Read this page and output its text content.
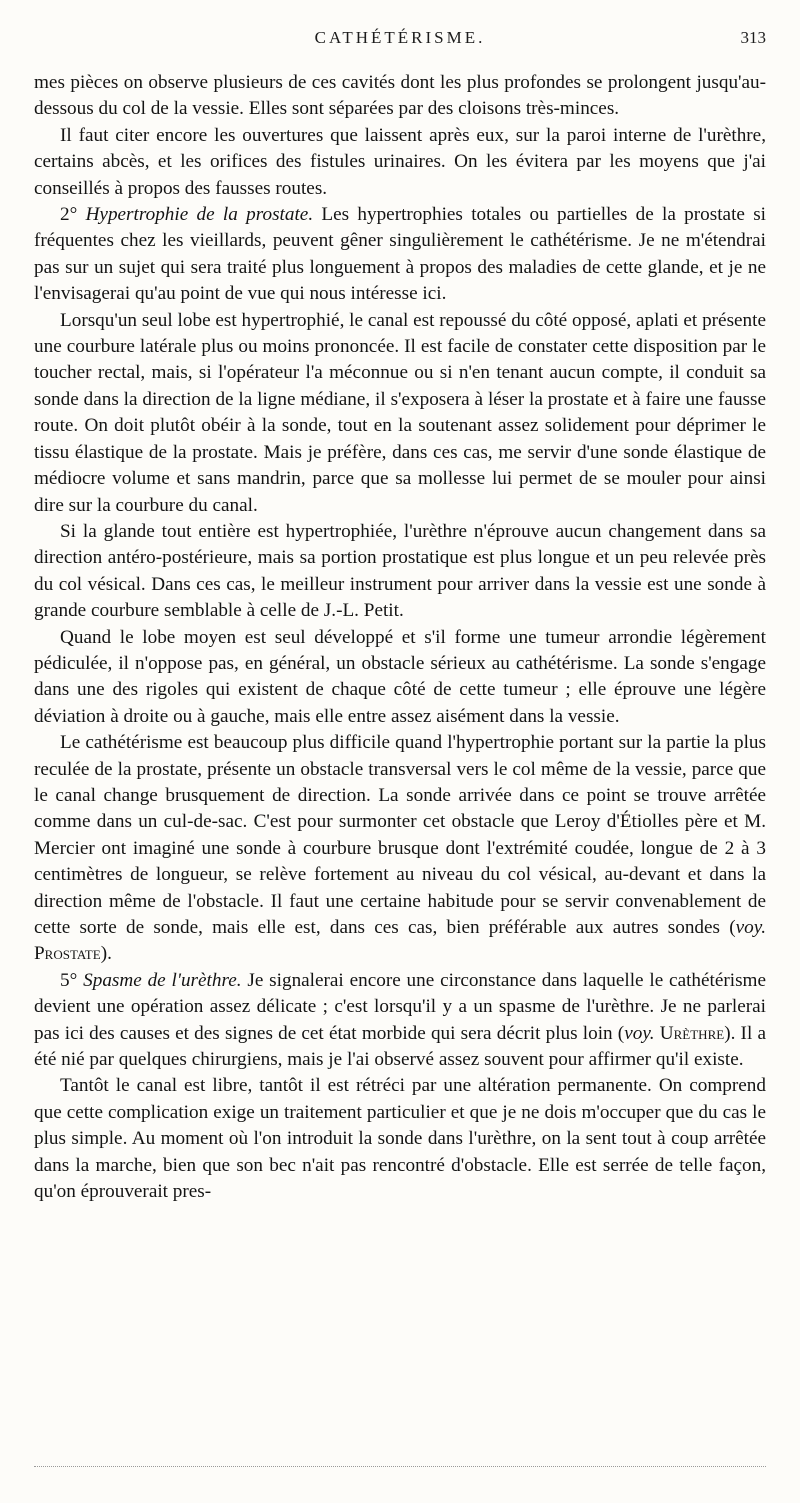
CATHÉTÉRISME.	313

mes pièces on observe plusieurs de ces cavités dont les plus profondes se prolongent jusqu'au-dessous du col de la vessie. Elles sont séparées par des cloisons très-minces.

Il faut citer encore les ouvertures que laissent après eux, sur la paroi interne de l'urèthre, certains abcès, et les orifices des fistules urinaires. On les évitera par les moyens que j'ai conseillés à propos des fausses routes.

2° Hypertrophie de la prostate. Les hypertrophies totales ou partielles de la prostate si fréquentes chez les vieillards, peuvent gêner singulièrement le cathétérisme. Je ne m'étendrai pas sur un sujet qui sera traité plus longuement à propos des maladies de cette glande, et je ne l'envisagerai qu'au point de vue qui nous intéresse ici.

Lorsqu'un seul lobe est hypertrophié, le canal est repoussé du côté opposé, aplati et présente une courbure latérale plus ou moins prononcée. Il est facile de constater cette disposition par le toucher rectal, mais, si l'opérateur l'a méconnue ou si n'en tenant aucun compte, il conduit sa sonde dans la direction de la ligne médiane, il s'exposera à léser la prostate et à faire une fausse route. On doit plutôt obéir à la sonde, tout en la soutenant assez solidement pour déprimer le tissu élastique de la prostate. Mais je préfère, dans ces cas, me servir d'une sonde élastique de médiocre volume et sans mandrin, parce que sa mollesse lui permet de se mouler pour ainsi dire sur la courbure du canal.

Si la glande tout entière est hypertrophiée, l'urèthre n'éprouve aucun changement dans sa direction antéro-postérieure, mais sa portion prostatique est plus longue et un peu relevée près du col vésical. Dans ces cas, le meilleur instrument pour arriver dans la vessie est une sonde à grande courbure semblable à celle de J.-L. Petit.

Quand le lobe moyen est seul développé et s'il forme une tumeur arrondie légèrement pédiculée, il n'oppose pas, en général, un obstacle sérieux au cathétérisme. La sonde s'engage dans une des rigoles qui existent de chaque côté de cette tumeur ; elle éprouve une légère déviation à droite ou à gauche, mais elle entre assez aisément dans la vessie.

Le cathétérisme est beaucoup plus difficile quand l'hypertrophie portant sur la partie la plus reculée de la prostate, présente un obstacle transversal vers le col même de la vessie, parce que le canal change brusquement de direction. La sonde arrivée dans ce point se trouve arrêtée comme dans un cul-de-sac. C'est pour surmonter cet obstacle que Leroy d'Étiolles père et M. Mercier ont imaginé une sonde à courbure brusque dont l'extrémité coudée, longue de 2 à 3 centimètres de longueur, se relève fortement au niveau du col vésical, au-devant et dans la direction même de l'obstacle. Il faut une certaine habitude pour se servir convenablement de cette sorte de sonde, mais elle est, dans ces cas, bien préférable aux autres sondes (voy. Prostate).

5° Spasme de l'urèthre. Je signalerai encore une circonstance dans laquelle le cathétérisme devient une opération assez délicate ; c'est lorsqu'il y a un spasme de l'urèthre. Je ne parlerai pas ici des causes et des signes de cet état morbide qui sera décrit plus loin (voy. Urèthre). Il a été nié par quelques chirurgiens, mais je l'ai observé assez souvent pour affirmer qu'il existe.

Tantôt le canal est libre, tantôt il est rétréci par une altération permanente. On comprend que cette complication exige un traitement particulier et que je ne dois m'occuper que du cas le plus simple. Au moment où l'on introduit la sonde dans l'urèthre, on la sent tout à coup arrêtée dans la marche, bien que son bec n'ait pas rencontré d'obstacle. Elle est serrée de telle façon, qu'on éprouverait pres-
